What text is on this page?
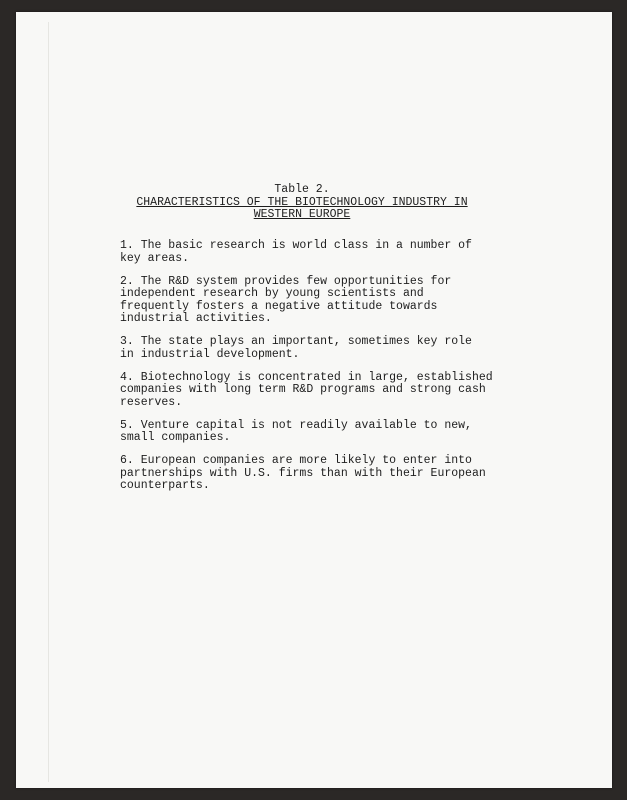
Table 2.
CHARACTERISTICS OF THE BIOTECHNOLOGY INDUSTRY IN
WESTERN EUROPE
1. The basic research is world class in a number of
key areas.
2. The R&D system provides few opportunities for
independent research by young scientists and
frequently fosters a negative attitude towards
industrial activities.
3. The state plays an important, sometimes key role
in industrial development.
4. Biotechnology is concentrated in large, established
companies with long term R&D programs and strong cash
reserves.
5. Venture capital is not readily available to new,
small companies.
6. European companies are more likely to enter into
partnerships with U.S. firms than with their European
counterparts.
